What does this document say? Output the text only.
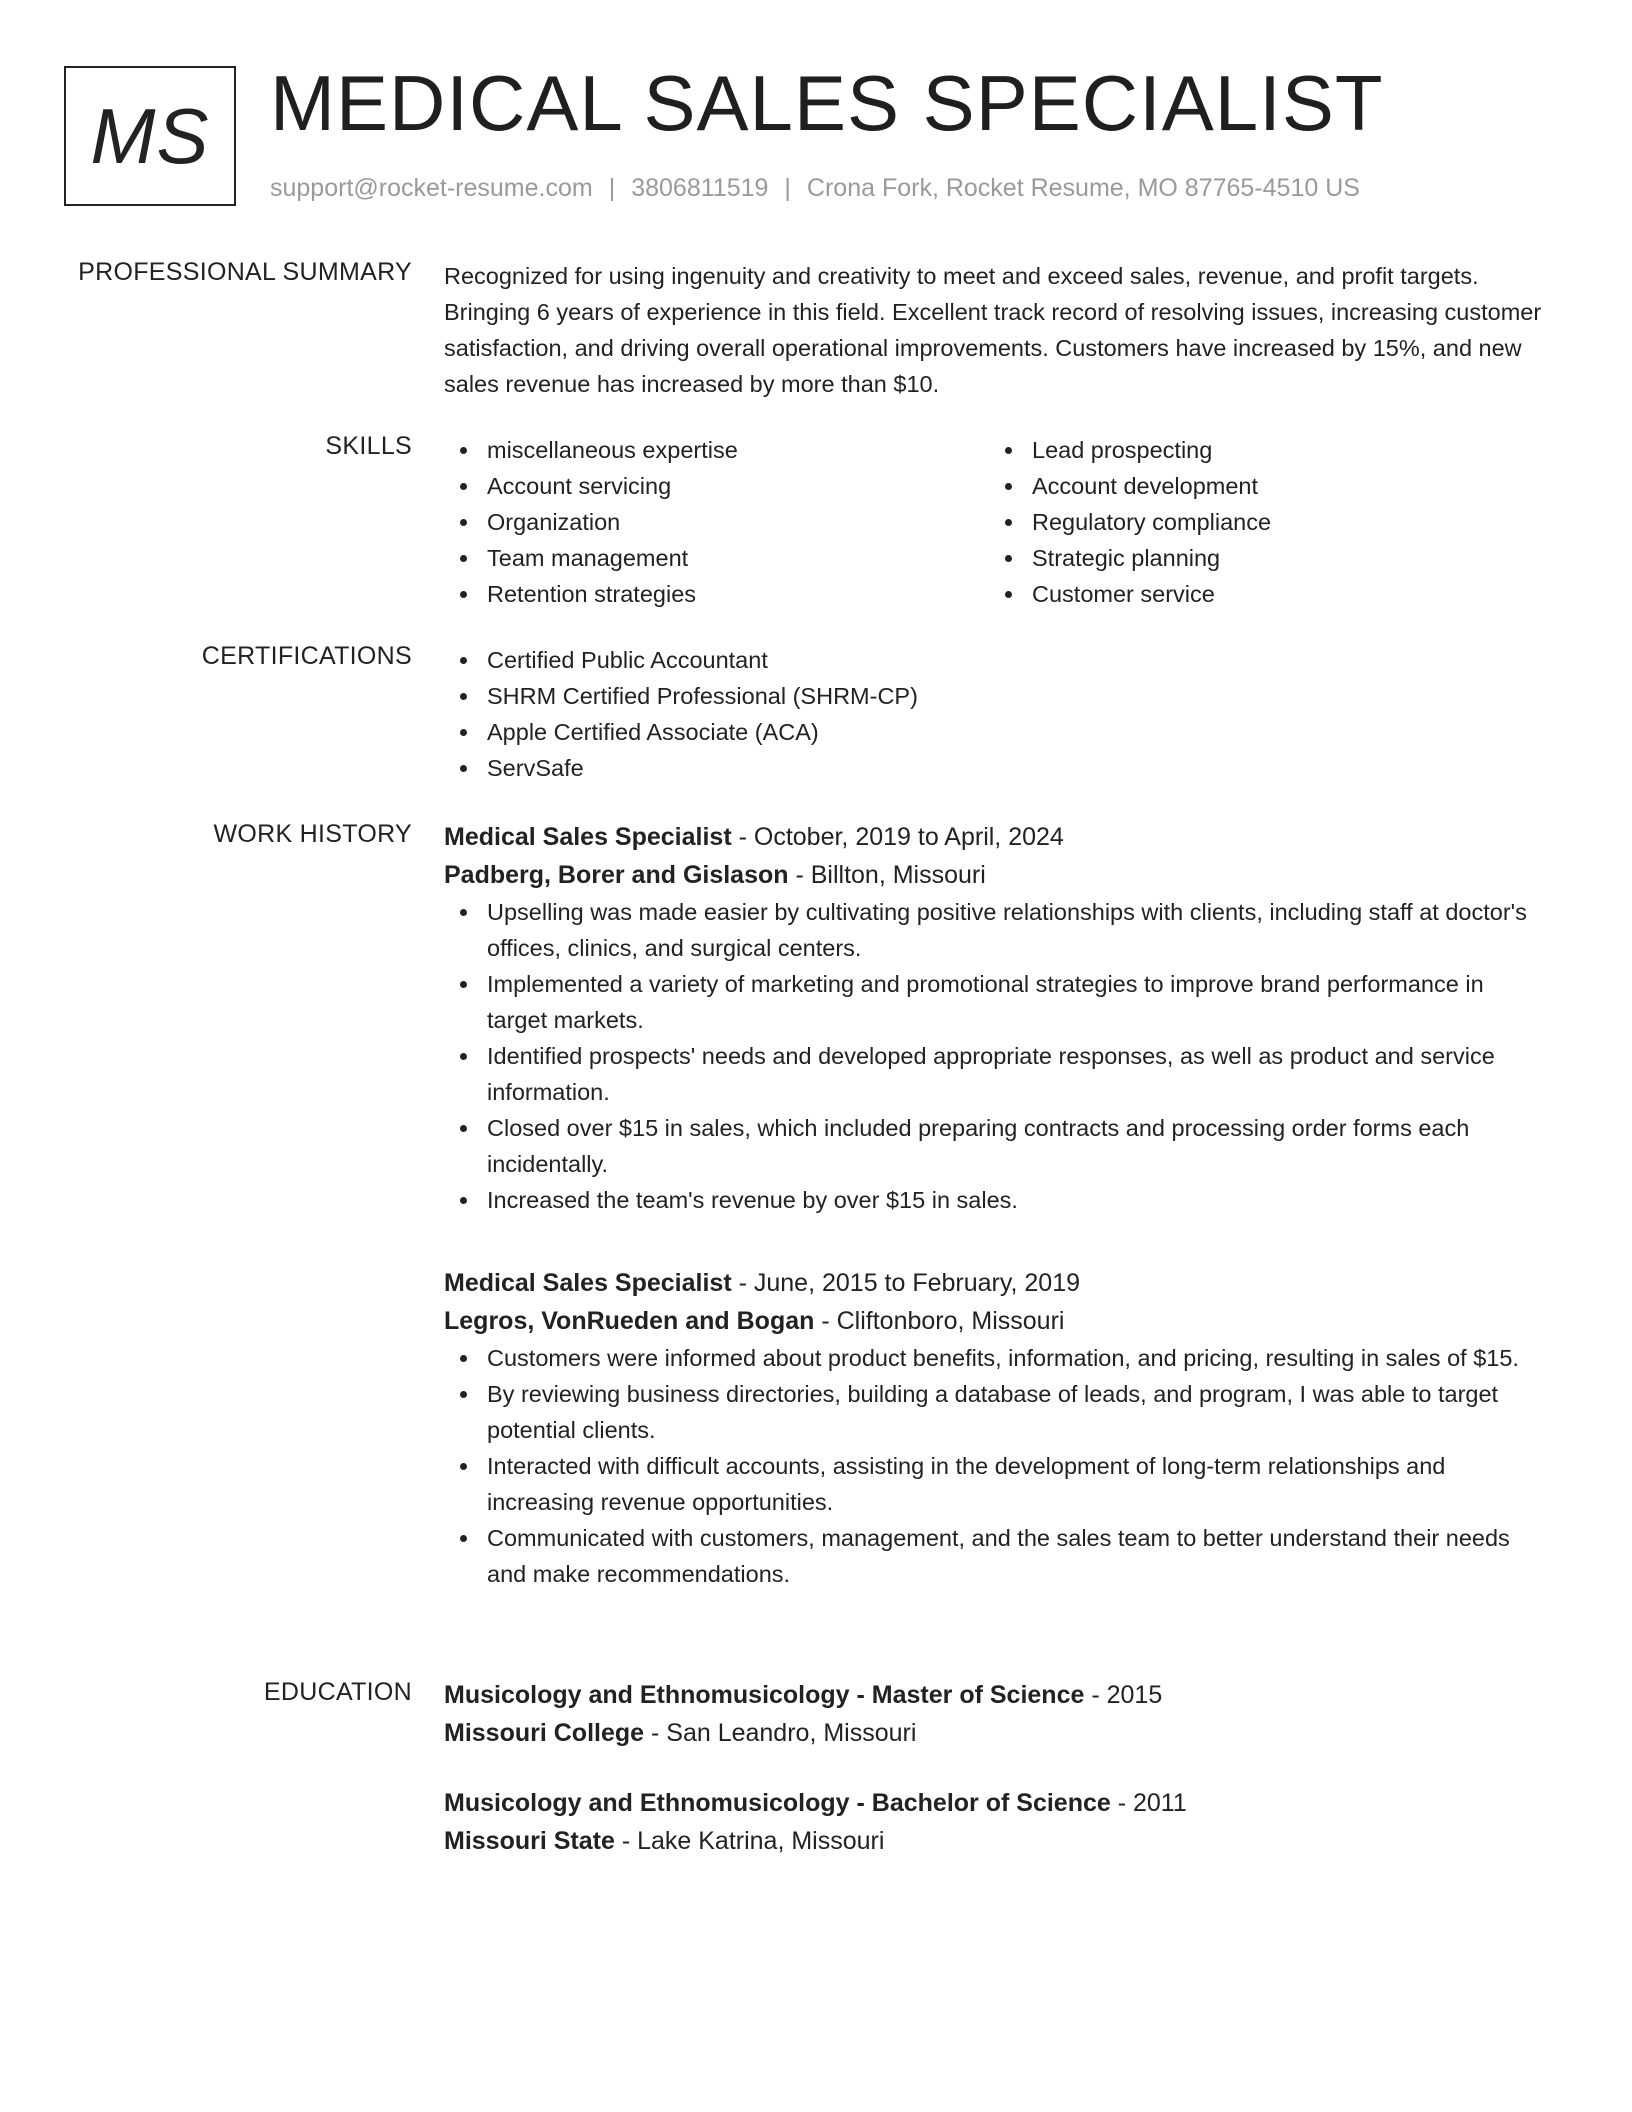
MS MEDICAL SALES SPECIALIST
support@rocket-resume.com | 3806811519 | Crona Fork, Rocket Resume, MO 87765-4510 US
PROFESSIONAL SUMMARY Recognized for using ingenuity and creativity to meet and exceed sales, revenue, and profit targets. Bringing 6 years of experience in this field. Excellent track record of resolving issues, increasing customer satisfaction, and driving overall operational improvements. Customers have increased by 15%, and new sales revenue has increased by more than $10.

SKILLS	miscellaneous expertise
Account servicing
Organization
Team management
Retention strategies
Lead prospecting
Account development
Regulatory compliance
Strategic planning
Customer service
CERTIFICATIONS	Certified Public Accountant
SHRM Certified Professional (SHRM-CP)
Apple Certified Associate (ACA)
ServSafe
WORK HISTORY Medical Sales Specialist - October, 2019 to April, 2024
Padberg, Borer and Gislason - Billton, Missouri
Upselling was made easier by cultivating positive relationships with clients, including staff at doctor's offices, clinics, and surgical centers.
Implemented a variety of marketing and promotional strategies to improve brand performance in target markets.
Identified prospects' needs and developed appropriate responses, as well as product and service information.
Closed over $15 in sales, which included preparing contracts and processing order forms each incidentally.
Increased the team's revenue by over $15 in sales.
Medical Sales Specialist - June, 2015 to February, 2019
Legros, VonRueden and Bogan - Cliftonboro, Missouri
Customers were informed about product benefits, information, and pricing, resulting in sales of $15.
By reviewing business directories, building a database of leads, and program, I was able to target potential clients.
Interacted with difficult accounts, assisting in the development of long-term relationships and increasing revenue opportunities.
Communicated with customers, management, and the sales team to better understand their needs and make recommendations.
EDUCATION Musicology and Ethnomusicology - Master of Science - 2015
Missouri College - San Leandro, Missouri
Musicology and Ethnomusicology - Bachelor of Science - 2011
Missouri State - Lake Katrina, Missouri
